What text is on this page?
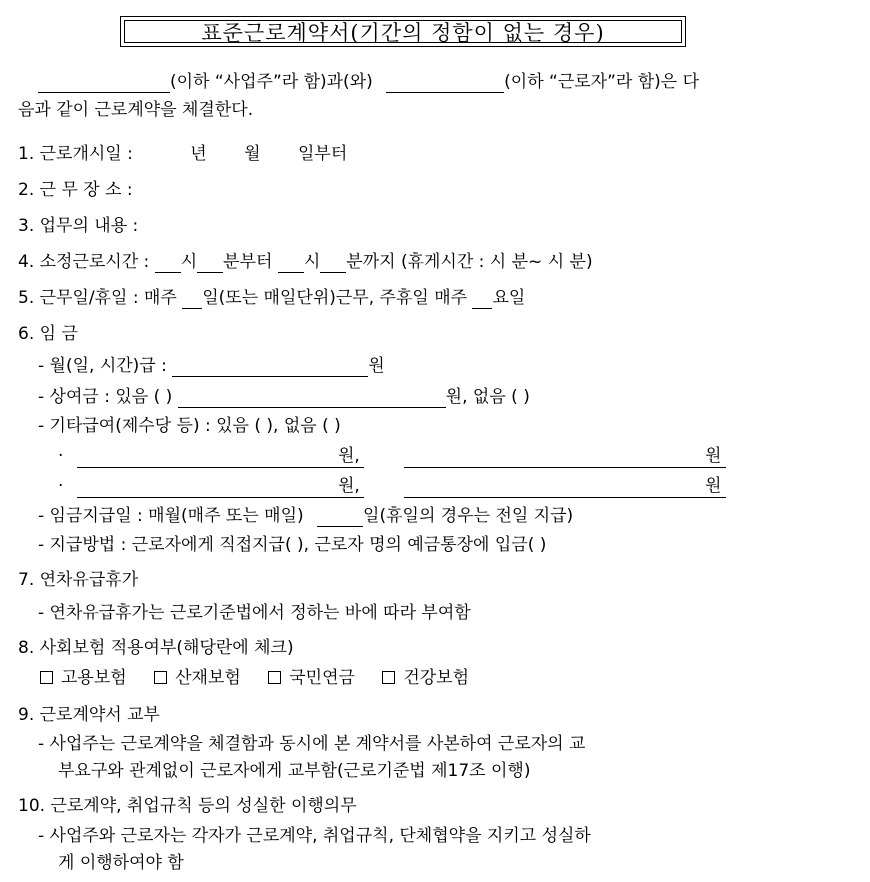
표준근로계약서(기간의 정함이 없는 경우)
(이하 “사업주”라 함)과(와)	(이하 “근로자”라 함)은 다
음과 같이 근로계약을 체결한다.
1. 근로개시일 :	년 월 일부터
2. 근 무 장 소 :
3. 업무의 내용 :
4. 소정근로시간 : 시 분부터 시 분까지 (휴게시간 : 시 분~ 시 분)
5. 근무일/휴일 : 매주 일(또는 매일단위)근무, 주휴일 매주 요일
6. 임 금
- 월(일, 시간)급 :	원
- 상여금 : 있음 ( )	원, 없음 ( )
- 기타급여(제수당 등) : 있음 ( ), 없음 ( )
·	원,	원
·	원,	원
- 임금지급일 : 매월(매주 또는 매일)	일(휴일의 경우는 전일 지급)
- 지급방법 : 근로자에게 직접지급( ), 근로자 명의 예금통장에 입금( )
7. 연차유급휴가
- 연차유급휴가는 근로기준법에서 정하는 바에 따라 부여함
8. 사회보험 적용여부(해당란에 체크)
고용보험	산재보험	국민연금	건강보험
9. 근로계약서 교부
- 사업주는 근로계약을 체결함과 동시에 본 계약서를 사본하여 근로자의 교
부요구와 관계없이 근로자에게 교부함(근로기준법 제17조 이행)
10. 근로계약, 취업규칙 등의 성실한 이행의무
- 사업주와 근로자는 각자가 근로계약, 취업규칙, 단체협약을 지키고 성실하
게 이행하여야 함
